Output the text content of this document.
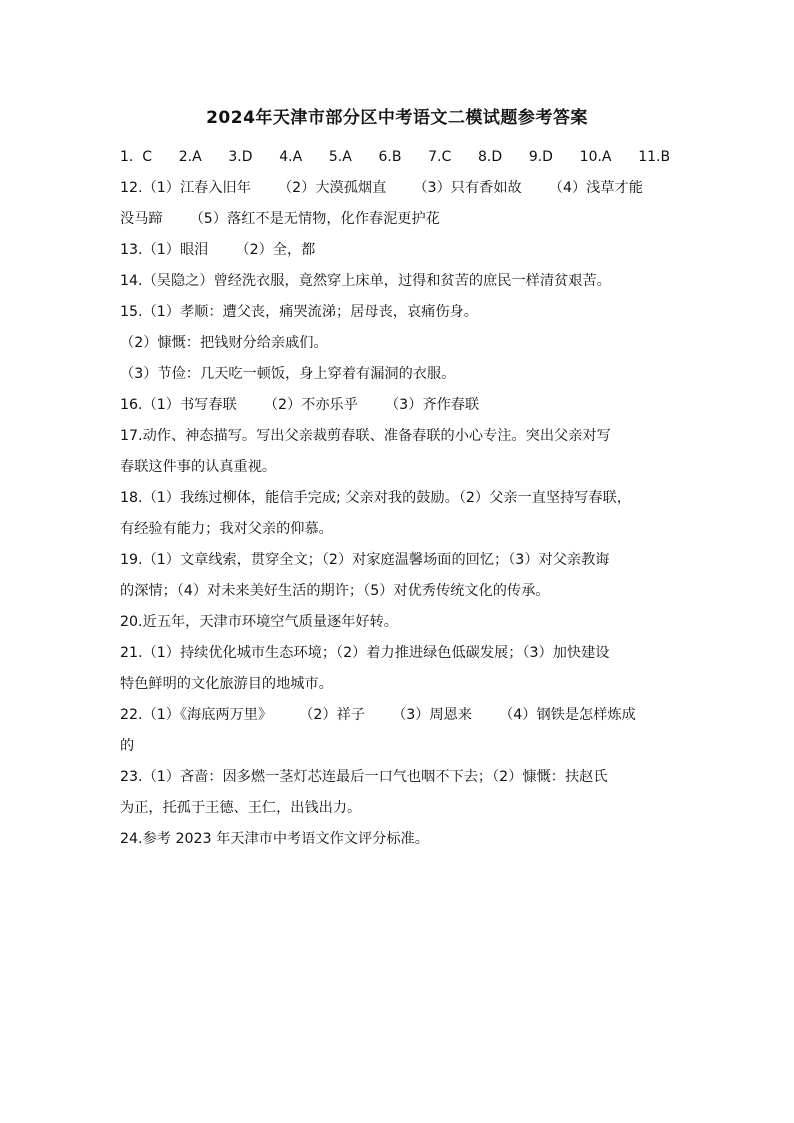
2024年天津市部分区中考语文二模试题参考答案
1.  C      2.A      3.D      4.A      5.A      6.B      7.C      8.D      9.D      10.A      11.B
12.（1）江春入旧年      （2）大漠孤烟直      （3）只有香如故      （4）浅草才能
没马蹄      （5）落红不是无情物，化作春泥更护花
13.（1）眼泪      （2）全，都
14.（吴隐之）曾经洗衣服，竟然穿上床单，过得和贫苦的庶民一样清贫艰苦。
15.（1）孝顺：遭父丧，痛哭流涕；居母丧，哀痛伤身。
（2）慷慨：把钱财分给亲戚们。
（3）节俭：几天吃一顿饭，身上穿着有漏洞的衣服。
16.（1）书写春联      （2）不亦乐乎      （3）齐作春联
17.动作、神态描写。写出父亲裁剪春联、准备春联的小心专注。突出父亲对写
春联这件事的认真重视。
18.（1）我练过柳体，能信手完成; 父亲对我的鼓励。（2）父亲一直坚持写春联，
有经验有能力；我对父亲的仰慕。
19.（1）文章线索，贯穿全文；（2）对家庭温馨场面的回忆；（3）对父亲教诲
的深情；（4）对未来美好生活的期许；（5）对优秀传统文化的传承。
20.近五年，天津市环境空气质量逐年好转。
21.（1）持续优化城市生态环境；（2）着力推进绿色低碳发展；（3）加快建设
特色鲜明的文化旅游目的地城市。
22.（1）《海底两万里》      （2）祥子      （3）周恩来      （4）钢铁是怎样炼成
的
23.（1）吝啬：因多燃一茎灯芯连最后一口气也咽不下去；（2）慷慨：扶赵氏
为正，托孤于王德、王仁，出钱出力。
24.参考 2023 年天津市中考语文作文评分标准。
